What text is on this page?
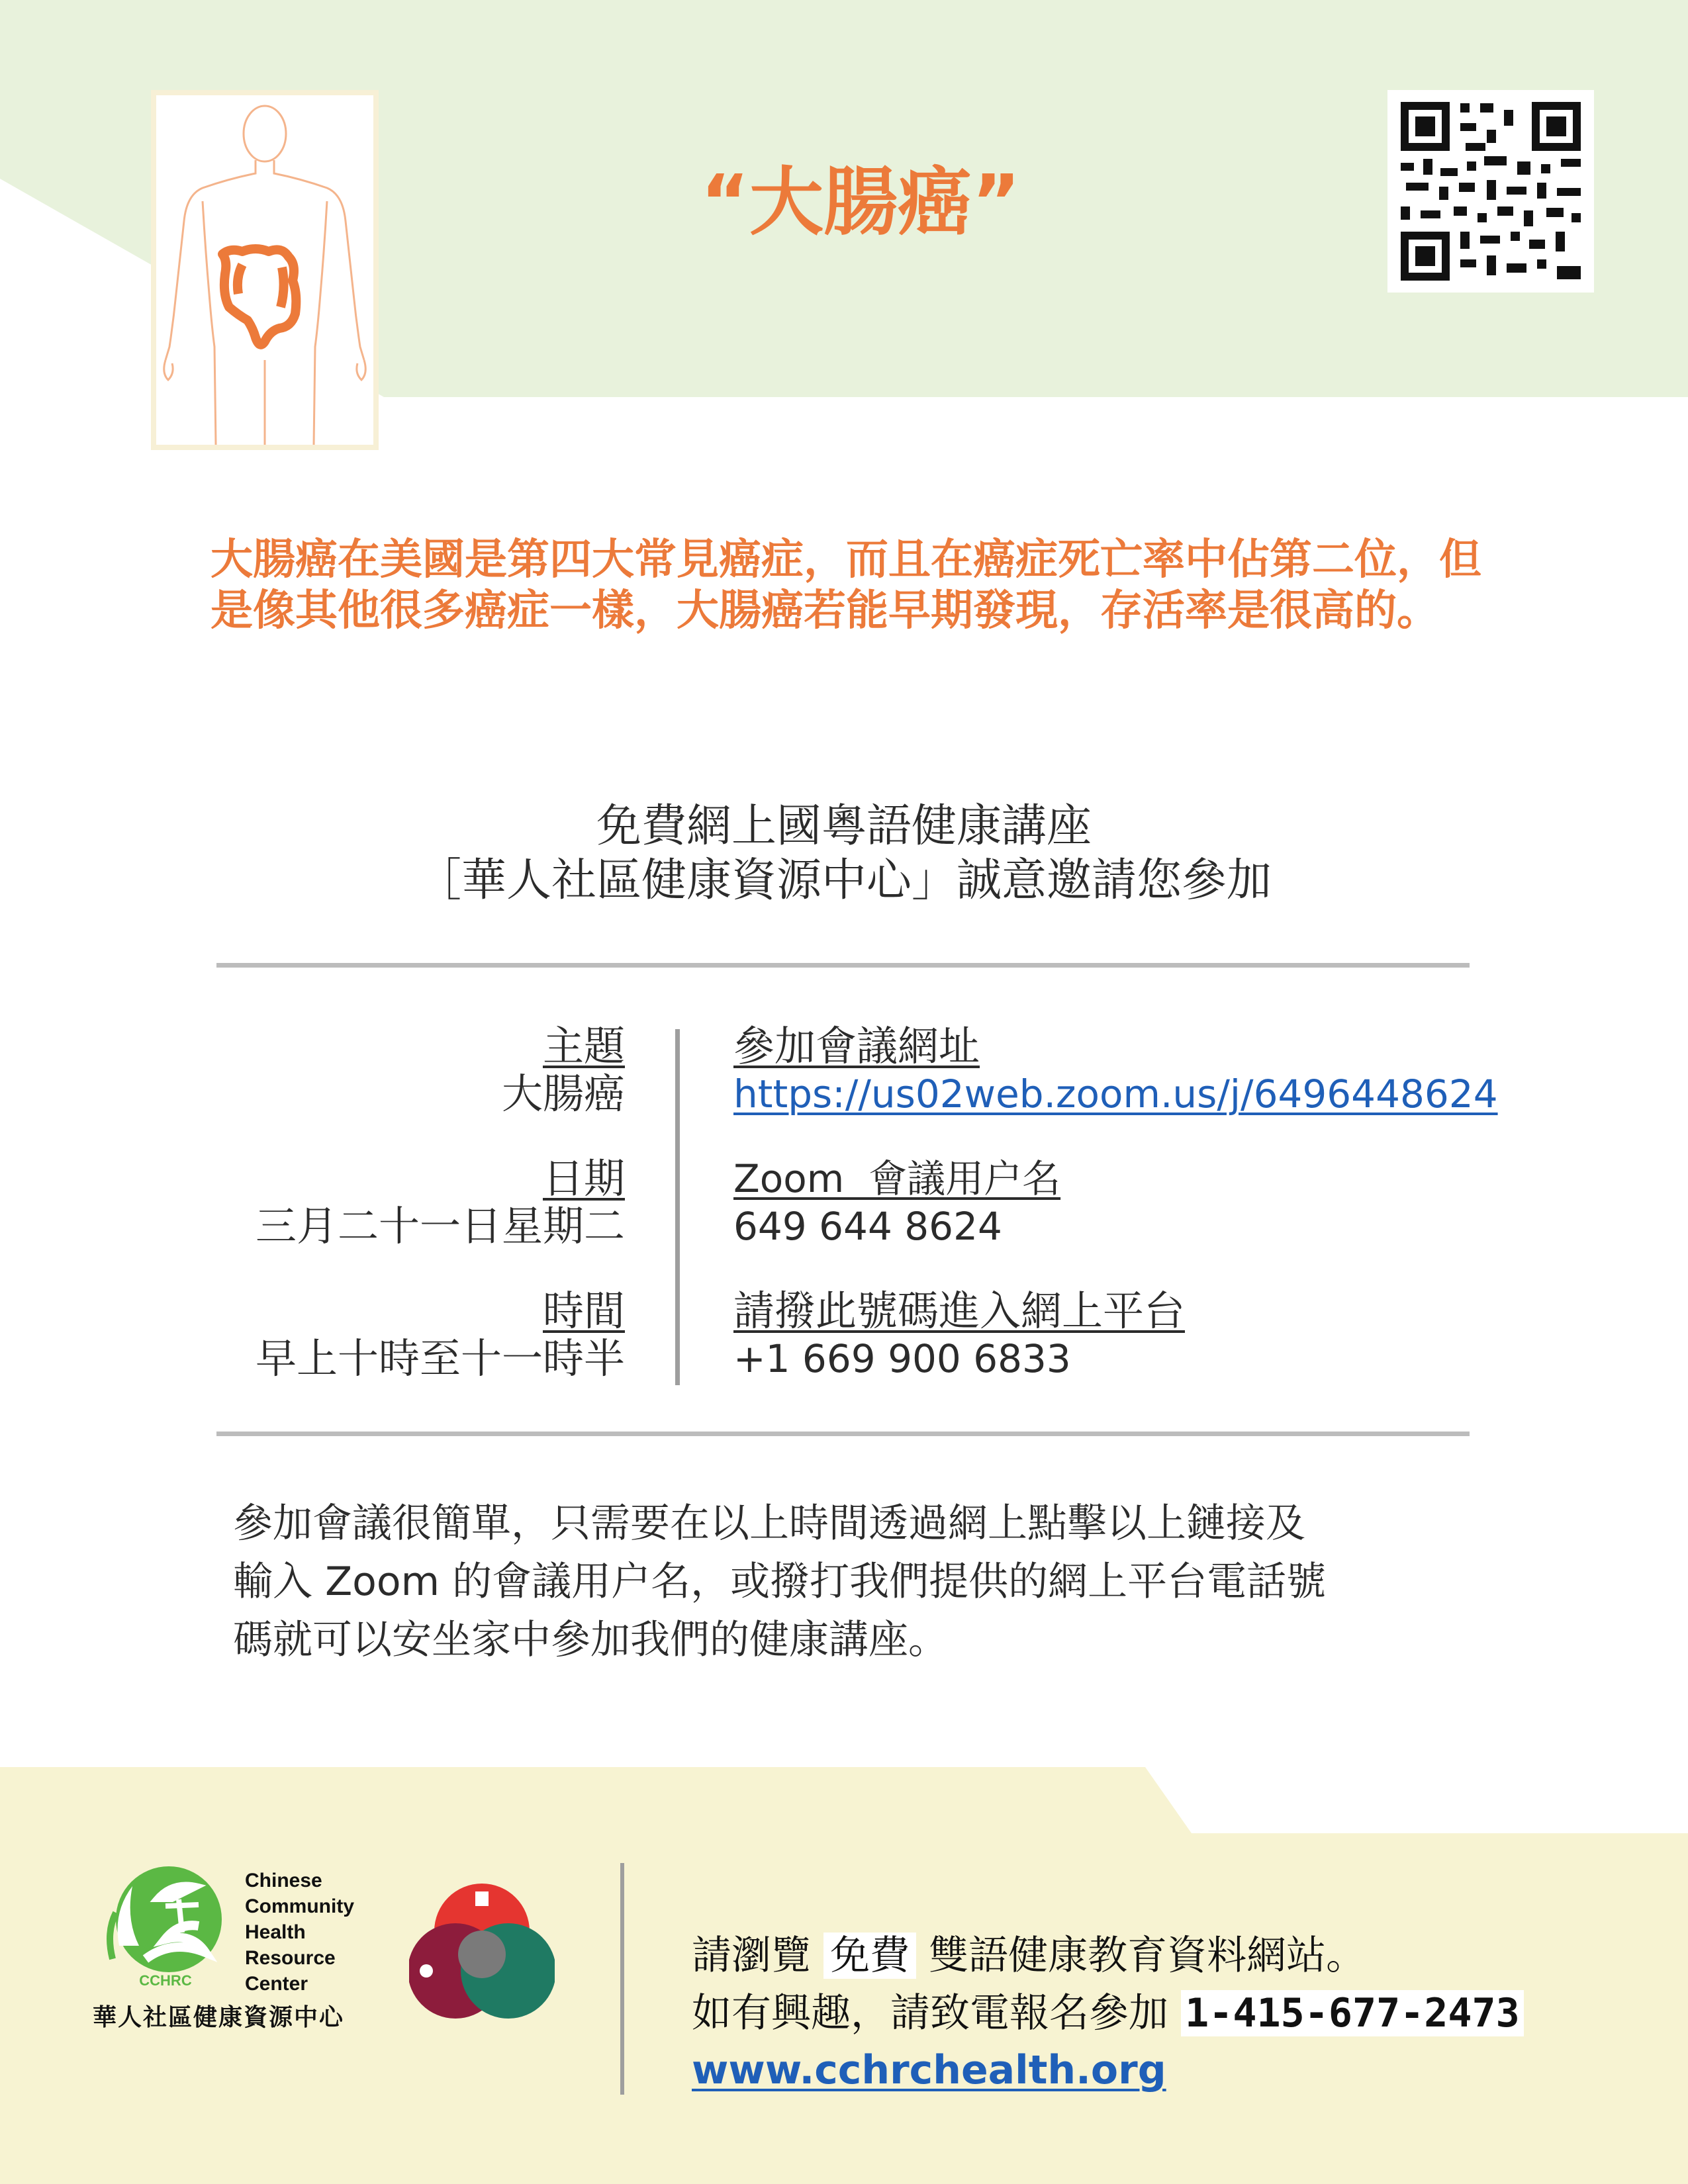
“大腸癌”
大腸癌在美國是第四大常見癌症，而且在癌症死亡率中佔第二位，但是像其他很多癌症一樣，大腸癌若能早期發現，存活率是很高的。
免費網上國粵語健康講座
［華人社區健康資源中心」誠意邀請您參加
主題
大腸癌
日期
三月二十一日星期二
時間
早上十時至十一時半
參加會議網址
https://us02web.zoom.us/j/6496448624
Zoom  會議用户名
649 644 8624
請撥此號碼進入網上平台
+1 669 900 6833
參加會議很簡單，只需要在以上時間透過網上點擊以上鏈接及
輸入 Zoom 的會議用户名，或撥打我們提供的網上平台電話號
碼就可以安坐家中參加我們的健康講座。
CCHRC
Chinese
Community
Health
Resource
Center
華人社區健康資源中心
請瀏覽 免費 雙語健康教育資料網站。
如有興趣，請致電報名參加 1-415-677-2473
www.cchrchealth.org
